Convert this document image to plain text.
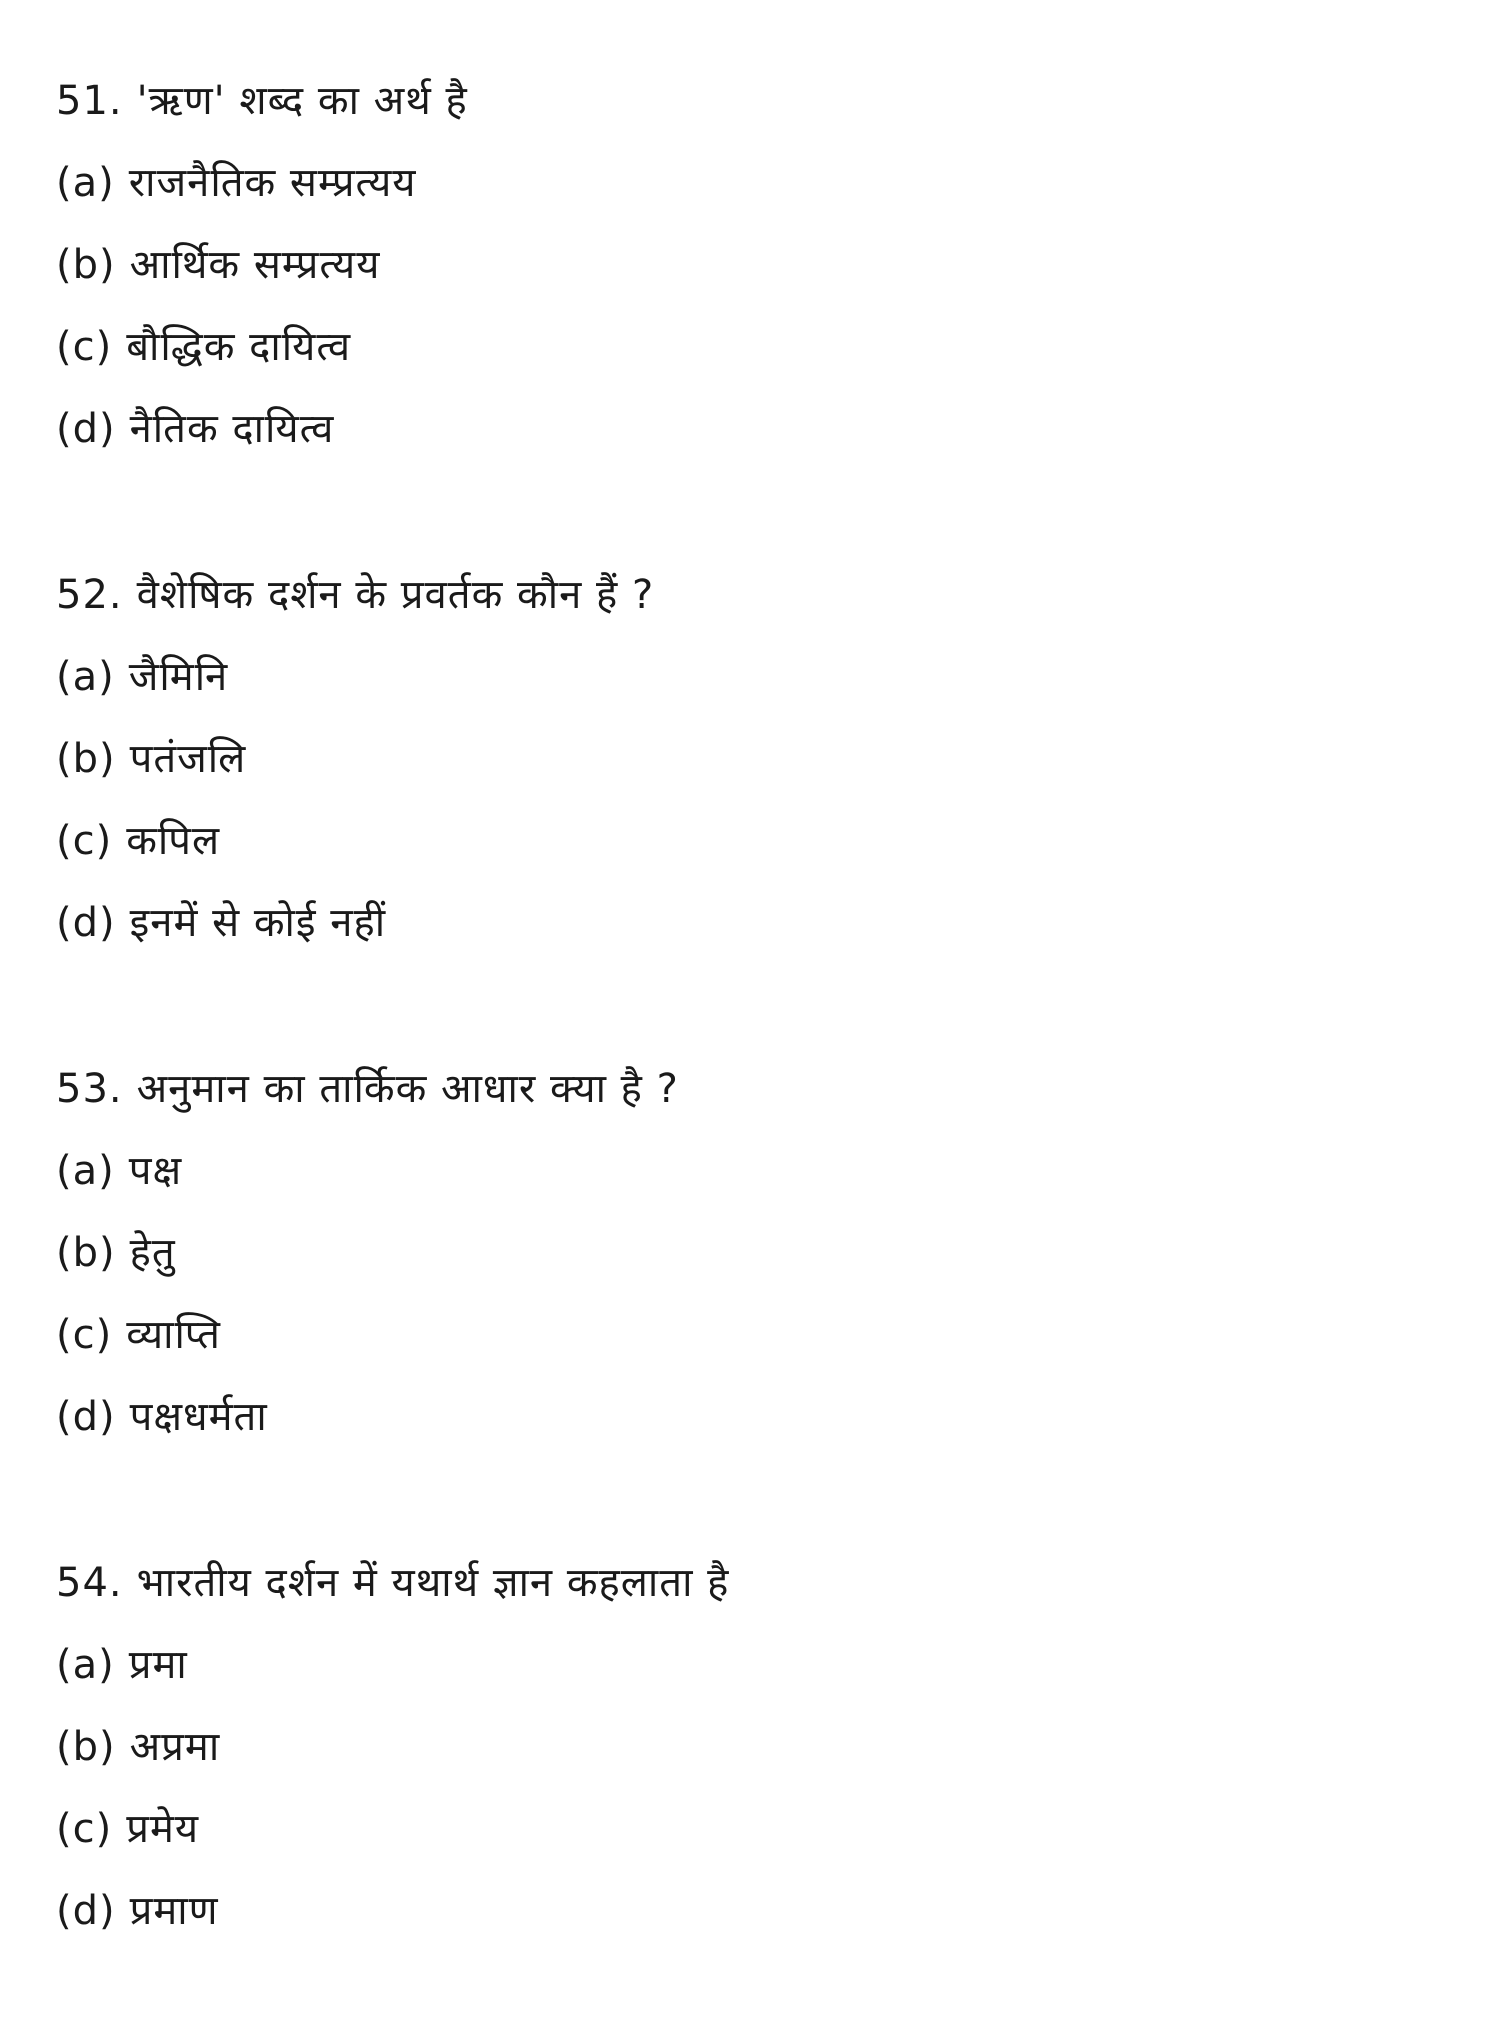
51. 'ऋण' शब्द का अर्थ है
(a) राजनैतिक सम्प्रत्यय
(b) आर्थिक सम्प्रत्यय
(c) बौद्धिक दायित्व
(d) नैतिक दायित्व
52. वैशेषिक दर्शन के प्रवर्तक कौन हैं ?
(a) जैमिनि
(b) पतंजलि
(c) कपिल
(d) इनमें से कोई नहीं
53. अनुमान का तार्किक आधार क्या है ?
(a) पक्ष
(b) हेतु
(c) व्याप्ति
(d) पक्षधर्मता
54. भारतीय दर्शन में यथार्थ ज्ञान कहलाता है
(a) प्रमा
(b) अप्रमा
(c) प्रमेय
(d) प्रमाण
